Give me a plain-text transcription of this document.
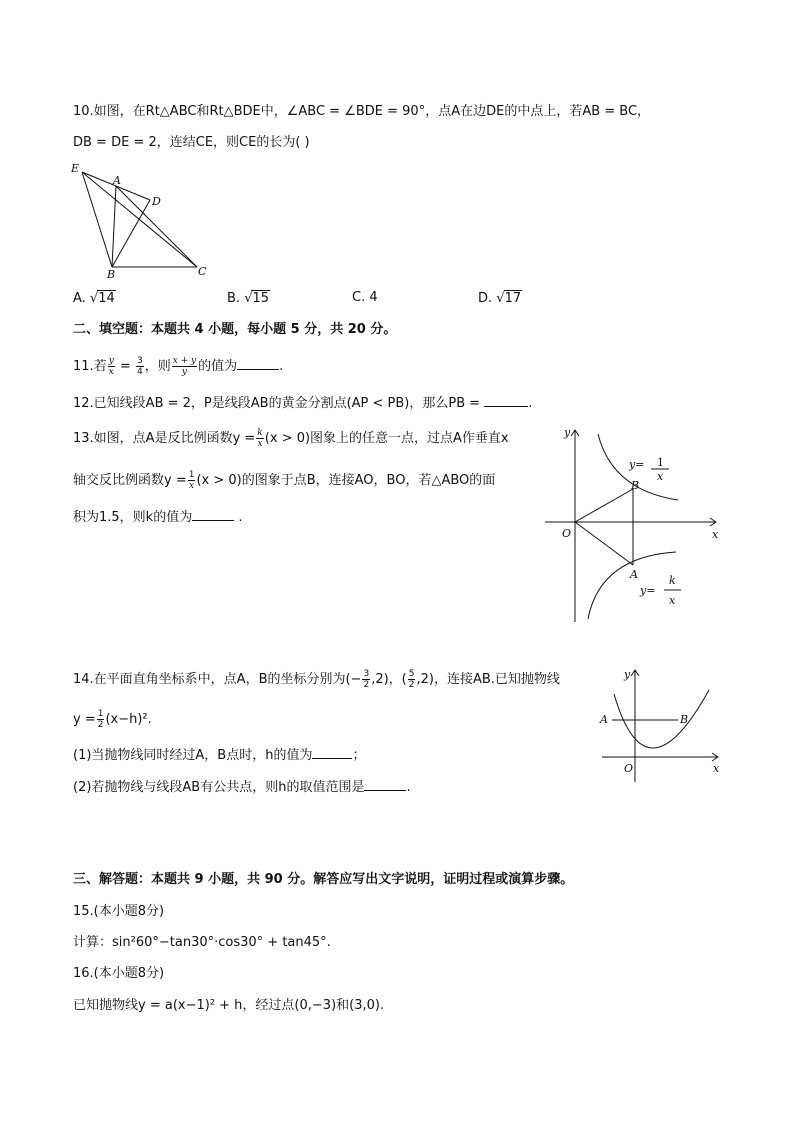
10.如图，在Rt△ABC和Rt△BDE中，∠ABC = ∠BDE = 90°，点A在边DE的中点上，若AB = BC，
DB = DE = 2，连结CE，则CE的长为( )
E
A
D
B	C
A. √14	B. √15	C. 4	D. √17
二、填空题：本题共 4 小题，每小题 5 分，共 20 分。
11.若 $\frac{y}{x} = \frac{3}{4}$ ，则 $\frac{x + y}{y}$ 的值为	.
12.已知线段AB = 2，P是线段AB的黄金分割点(AP < PB)，那么PB =	.
13.如图，点A是反比例函数$y = \frac{k}{x} (x > 0)$图象上的任意一点，过点A作垂直x
轴交反比例函数$y = \frac{1}{x} (x > 0)$的图象于点B，连接AO，BO，若△ABO的面
积为1.5，则k的值为	.
y
x
O
B
A
y= 1
x
y=
k
x
14.在平面直角坐标系中，点A，B的坐标分别为(− $\frac{3}{2} ,2$)，( $\frac{5}{2} ,2$)，连接AB.已知抛物线
$y = \frac{1}{2} (x-h)^2$.
(1)当抛物线同时经过A，B点时，h的值为	；
(2)若抛物线与线段AB有公共点，则h的取值范围是	.
y
x
O
A	B
三、解答题：本题共 9 小题，共 90 分。解答应写出文字说明，证明过程或演算步骤。
15.(本小题8分)
计算：sin²60°−tan30°·cos30° + tan45°.
16.(本小题8分)
已知抛物线y = a(x−1)² + h，经过点(0,−3)和(3,0).
